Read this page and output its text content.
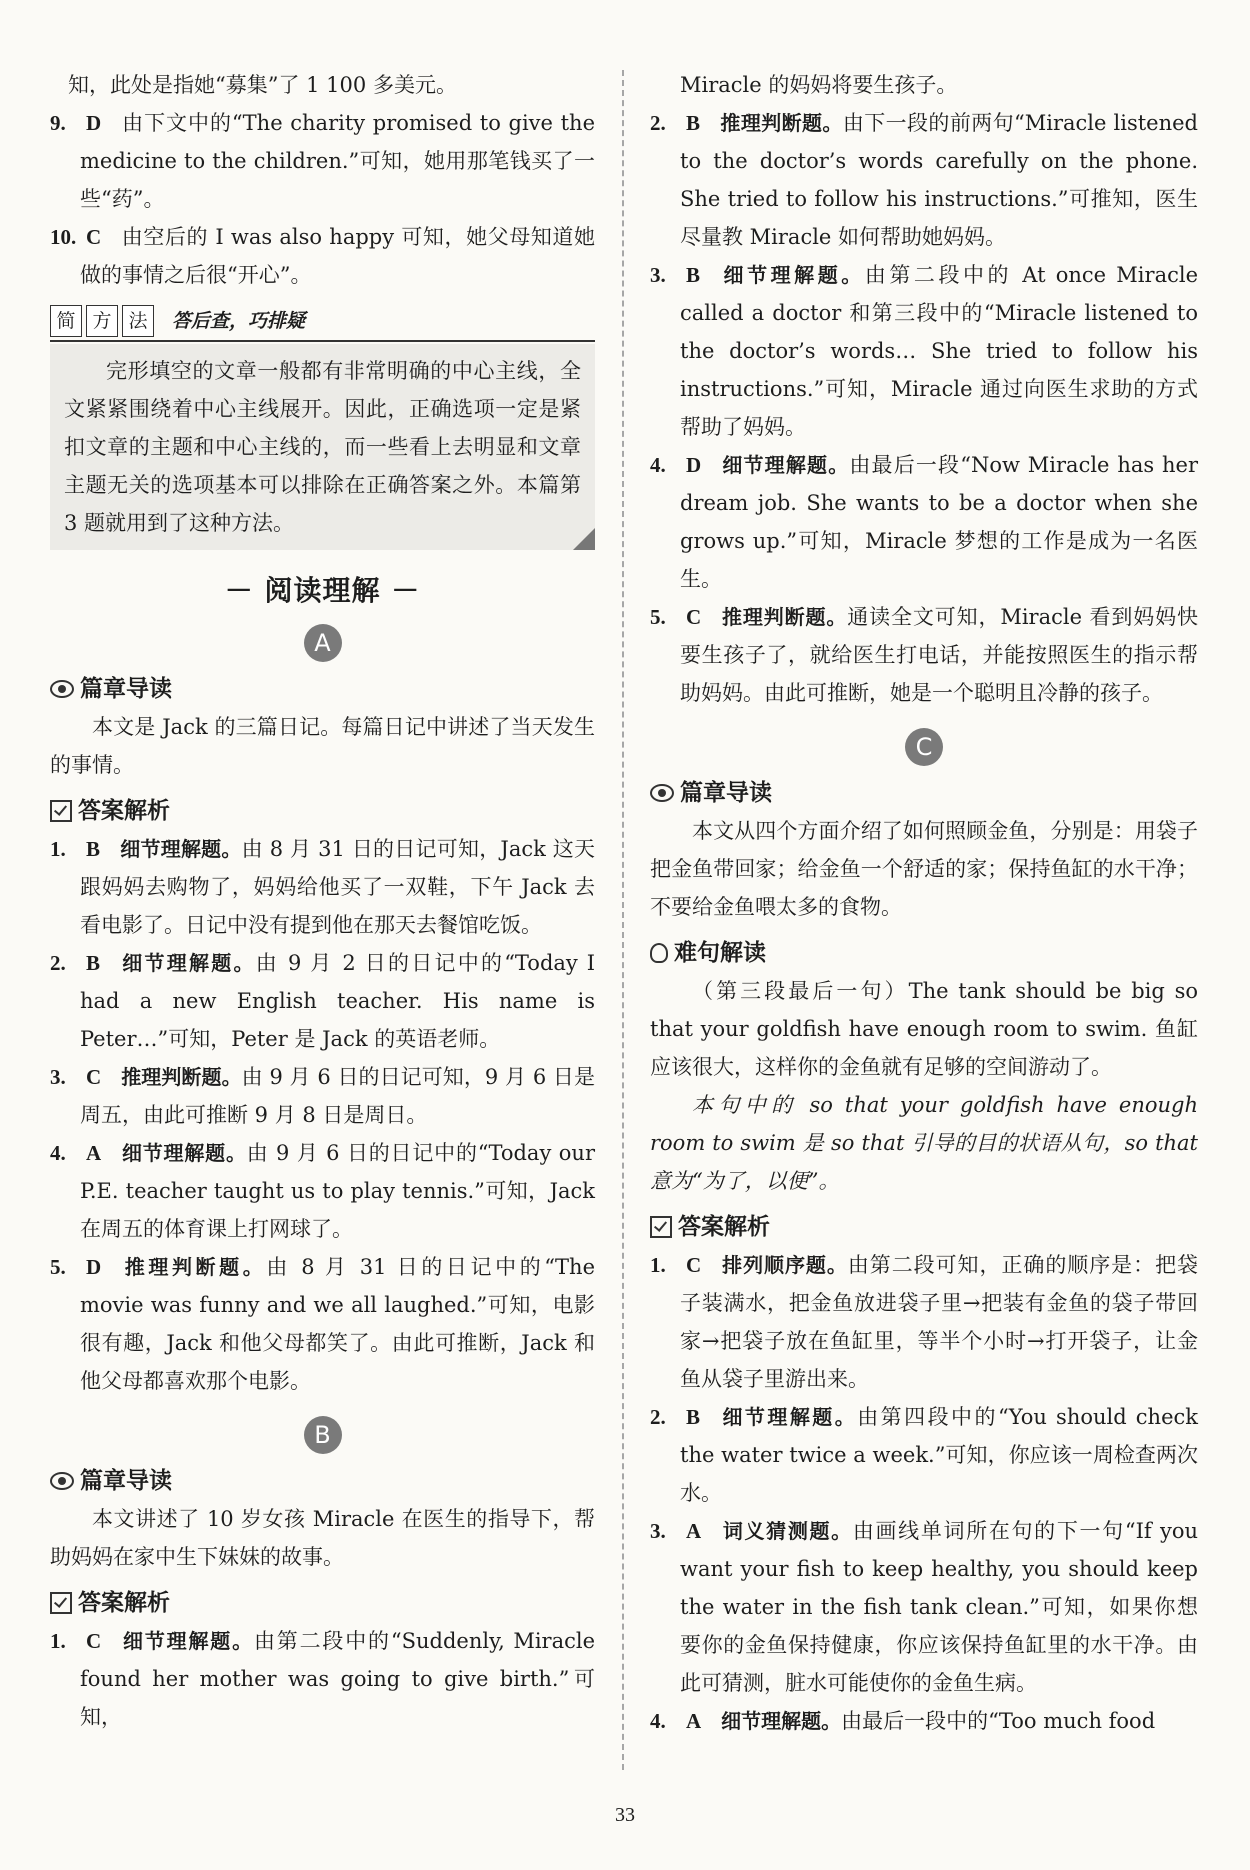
知，此处是指她“募集”了 1 100 多美元。

9. D 由下文中的“The charity promised to give the medicine to the children.”可知，她用那笔钱买了一些“药”。
10. C 由空后的 I was also happy 可知，她父母知道她做的事情之后很“开心”。
简 方 法	答后查，巧排疑

完形填空的文章一般都有非常明确的中心主线，全文紧紧围绕着中心主线展开。因此，正确选项一定是紧扣文章的主题和中心主线的，而一些看上去明显和文章主题无关的选项基本可以排除在正确答案之外。本篇第 3 题就用到了这种方法。

－ 阅读理解 －
A
篇章导读

本文是 Jack 的三篇日记。每篇日记中讲述了当天发生的事情。

答案解析
1. B 细节理解题。由 8 月 31 日的日记可知，Jack 这天跟妈妈去购物了，妈妈给他买了一双鞋，下午 Jack 去看电影了。日记中没有提到他在那天去餐馆吃饭。
2. B 细节理解题。由 9 月 2 日的日记中的“Today I had a new English teacher. His name is Peter…”可知，Peter 是 Jack 的英语老师。
3. C 推理判断题。由 9 月 6 日的日记可知，9 月 6 日是周五，由此可推断 9 月 8 日是周日。
4. A 细节理解题。由 9 月 6 日的日记中的“Today our P.E. teacher taught us to play tennis.”可知，Jack 在周五的体育课上打网球了。
5. D 推理判断题。由 8 月 31 日的日记中的“The movie was funny and we all laughed.”可知，电影很有趣，Jack 和他父母都笑了。由此可推断，Jack 和他父母都喜欢那个电影。
B
篇章导读

本文讲述了 10 岁女孩 Miracle 在医生的指导下，帮助妈妈在家中生下妹妹的故事。

答案解析
1. C 细节理解题。由第二段中的“Suddenly, Miracle found her mother was going to give birth.”可知，

Miracle 的妈妈将要生孩子。

2. B 推理判断题。由下一段的前两句“Miracle listened to the doctor’s words carefully on the phone. She tried to follow his instructions.”可推知，医生尽量教 Miracle 如何帮助她妈妈。
3. B 细节理解题。由第二段中的 At once Miracle called a doctor 和第三段中的“Miracle listened to the doctor’s words… She tried to follow his instructions.”可知，Miracle 通过向医生求助的方式帮助了妈妈。
4. D 细节理解题。由最后一段“Now Miracle has her dream job. She wants to be a doctor when she grows up.”可知，Miracle 梦想的工作是成为一名医生。
5. C 推理判断题。通读全文可知，Miracle 看到妈妈快要生孩子了，就给医生打电话，并能按照医生的指示帮助妈妈。由此可推断，她是一个聪明且冷静的孩子。
C
篇章导读

本文从四个方面介绍了如何照顾金鱼，分别是：用袋子把金鱼带回家；给金鱼一个舒适的家；保持鱼缸的水干净；不要给金鱼喂太多的食物。

难句解读

（第三段最后一句）The tank should be big so that your goldfish have enough room to swim. 鱼缸应该很大，这样你的金鱼就有足够的空间游动了。

本句中的 so that your goldfish have enough room to swim 是 so that 引导的目的状语从句，so that 意为“为了，以便”。

答案解析
1. C 排列顺序题。由第二段可知，正确的顺序是：把袋子装满水，把金鱼放进袋子里→把装有金鱼的袋子带回家→把袋子放在鱼缸里，等半个小时→打开袋子，让金鱼从袋子里游出来。
2. B 细节理解题。由第四段中的“You should check the water twice a week.”可知，你应该一周检查两次水。
3. A 词义猜测题。由画线单词所在句的下一句“If you want your fish to keep healthy, you should keep the water in the fish tank clean.”可知，如果你想要你的金鱼保持健康，你应该保持鱼缸里的水干净。由此可猜测，脏水可能使你的金鱼生病。
4. A 细节理解题。由最后一段中的“Too much food
33
